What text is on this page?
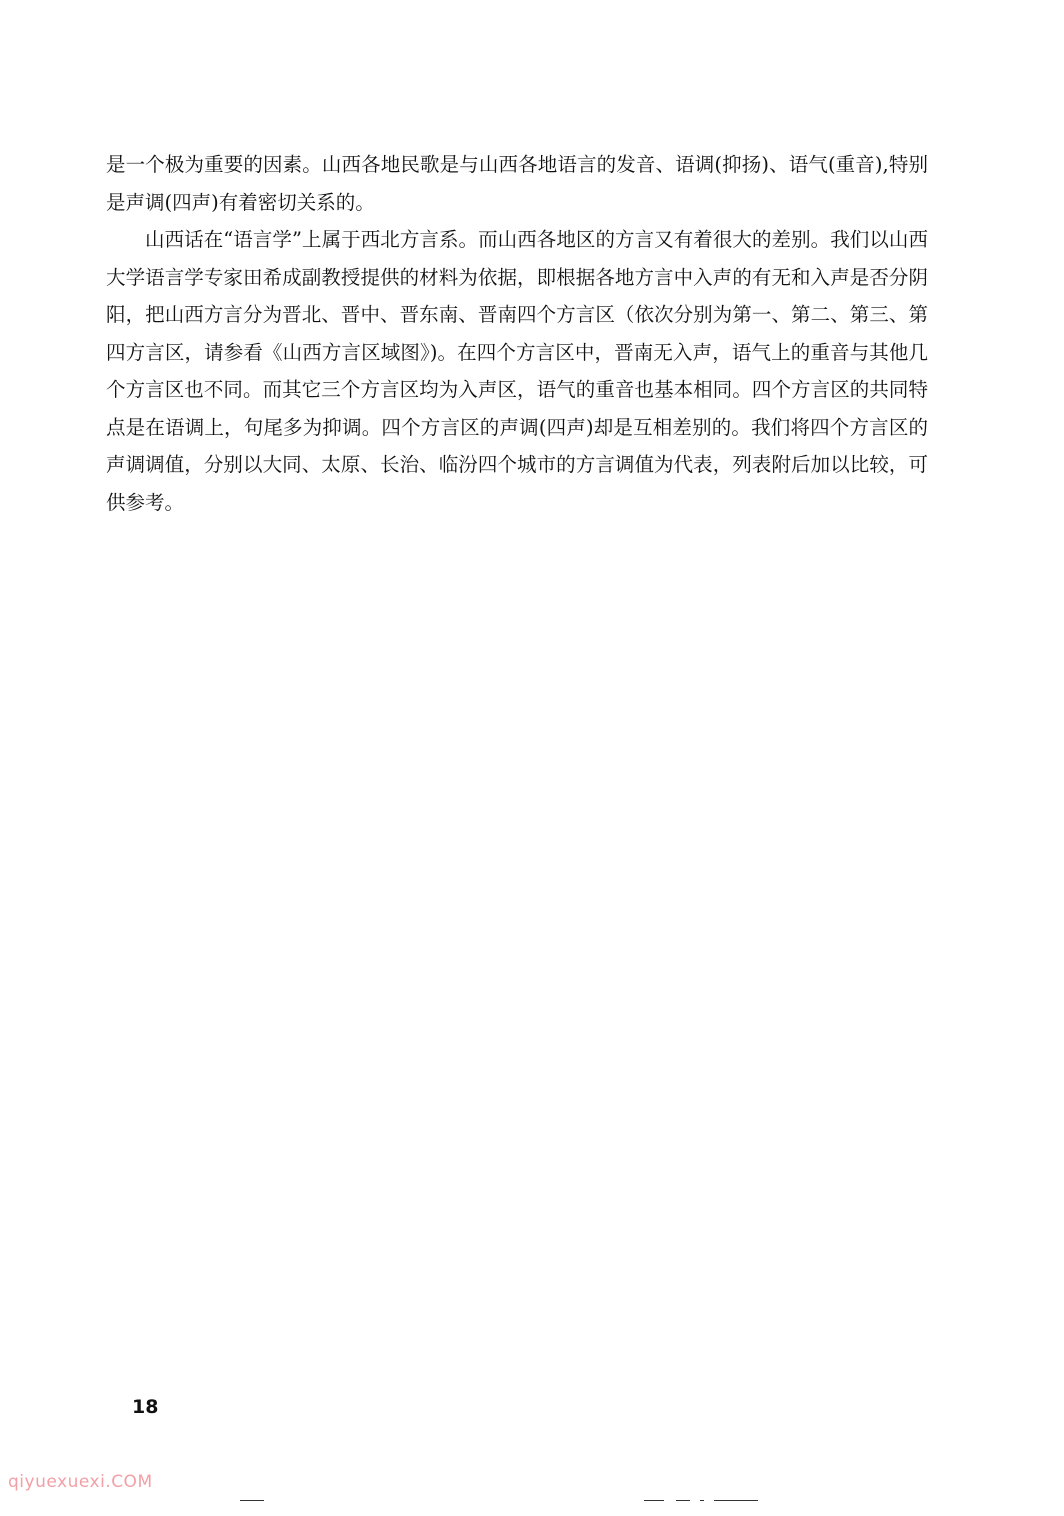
是一个极为重要的因素。山西各地民歌是与山西各地语言的发音、语调(抑扬)、语气(重音),特别是声调(四声)有着密切关系的。

山西话在“语言学”上属于西北方言系。而山西各地区的方言又有着很大的差别。我们以山西大学语言学专家田希成副教授提供的材料为依据，即根据各地方言中入声的有无和入声是否分阴阳，把山西方言分为晋北、晋中、晋东南、晋南四个方言区（依次分别为第一、第二、第三、第四方言区，请参看《山西方言区域图》)。在四个方言区中，晋南无入声，语气上的重音与其他几个方言区也不同。而其它三个方言区均为入声区，语气的重音也基本相同。四个方言区的共同特点是在语调上，句尾多为抑调。四个方言区的声调(四声)却是互相差别的。我们将四个方言区的声调调值，分别以大同、太原、长治、临汾四个城市的方言调值为代表，列表附后加以比较，可供参考。

18
qiyuexuexi.COM
